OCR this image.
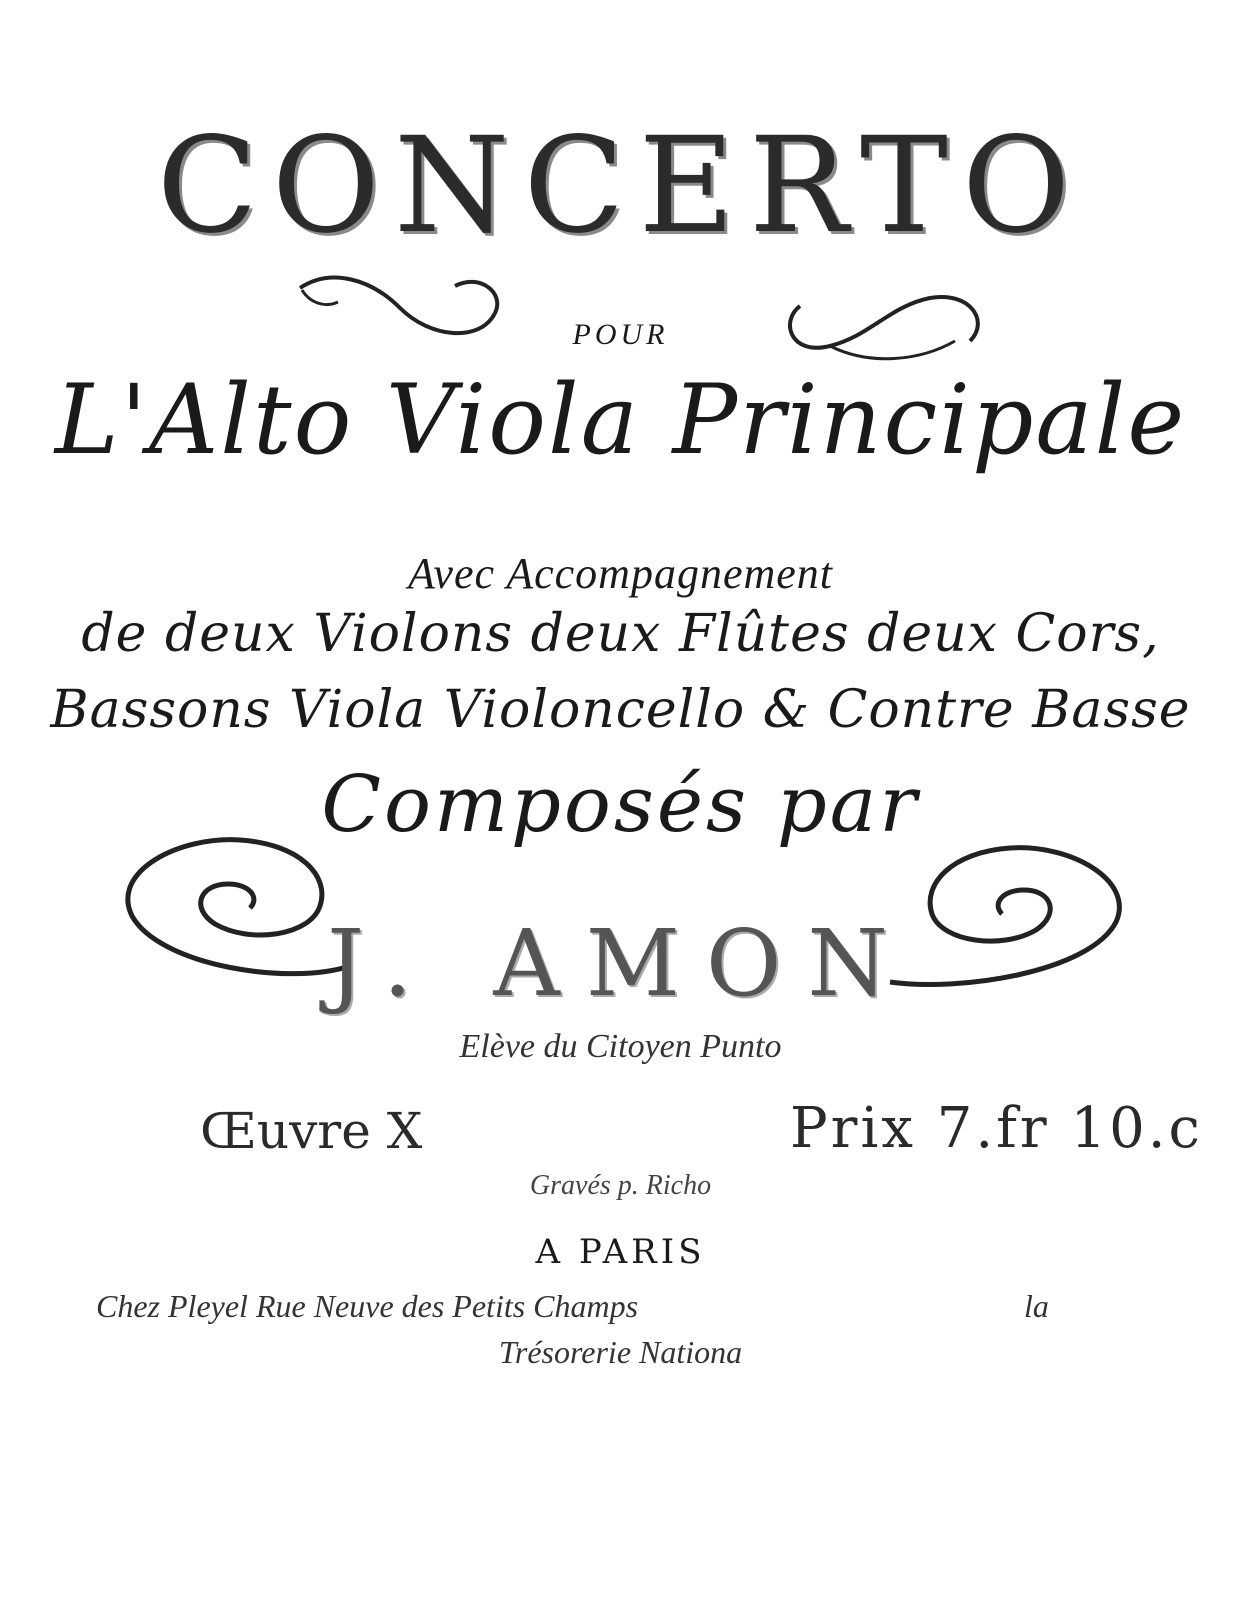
CONCERTO
POUR
L'Alto Viola Principale
Avec Accompagnement
de deux Violons deux Flûtes deux Cors,
Bassons Viola Violoncello & Contre Basse
Composés par
J. AMON
Elève du Citoyen Punto
Œuvre X	Prix 7.fr 10.c
Gravés p. Richo
A PARIS
Chez Pleyel Rue Neuve des Petits Champs	la
Trésorerie Nationa
